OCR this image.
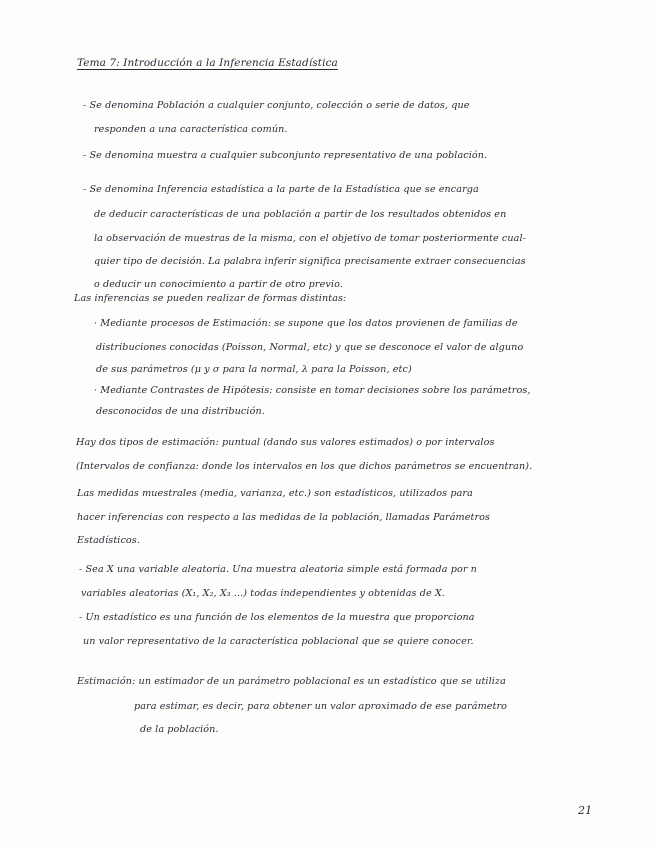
Tema 7: Introducción a la Inferencia Estadística

- Se denomina Población a cualquier conjunto, colección o serie de datos, que

responden a una característica común.

- Se denomina muestra a cualquier subconjunto representativo de una población.

- Se denomina Inferencia estadística a la parte de la Estadística que se encarga

de deducir características de una población a partir de los resultados obtenidos en

la observación de muestras de la misma, con el objetivo de tomar posteriormente cual-

quier tipo de decisión. La palabra inferir significa precisamente extraer consecuencias

o deducir un conocimiento a partir de otro previo.

Las inferencias se pueden realizar de formas distintas:

· Mediante procesos de Estimación: se supone que los datos provienen de familias de

distribuciones conocidas (Poisson, Normal, etc) y que se desconoce el valor de alguno

de sus parámetros (μ y σ para la normal, λ para la Poisson, etc)

· Mediante Contrastes de Hipótesis: consiste en tomar decisiones sobre los parámetros,

desconocidos de una distribución.

Hay dos tipos de estimación: puntual (dando sus valores estimados) o por intervalos

(Intervalos de confianza: donde los intervalos en los que dichos parámetros se encuentran).

Las medidas muestrales (media, varianza, etc.) son estadísticos, utilizados para

hacer inferencias con respecto a las medidas de la población, llamadas Parámetros

Estadísticos.

- Sea X una variable aleatoria. Una muestra aleatoria simple está formada por n

variables aleatorias (X₁, X₂, X₃ ...) todas independientes y obtenidas de X.

- Un estadístico es una función de los elementos de la muestra que proporciona

un valor representativo de la característica poblacional que se quiere conocer.

Estimación: un estimador de un parámetro poblacional es un estadístico que se utiliza

para estimar, es decir, para obtener un valor aproximado de ese parámetro

de la población.

21
